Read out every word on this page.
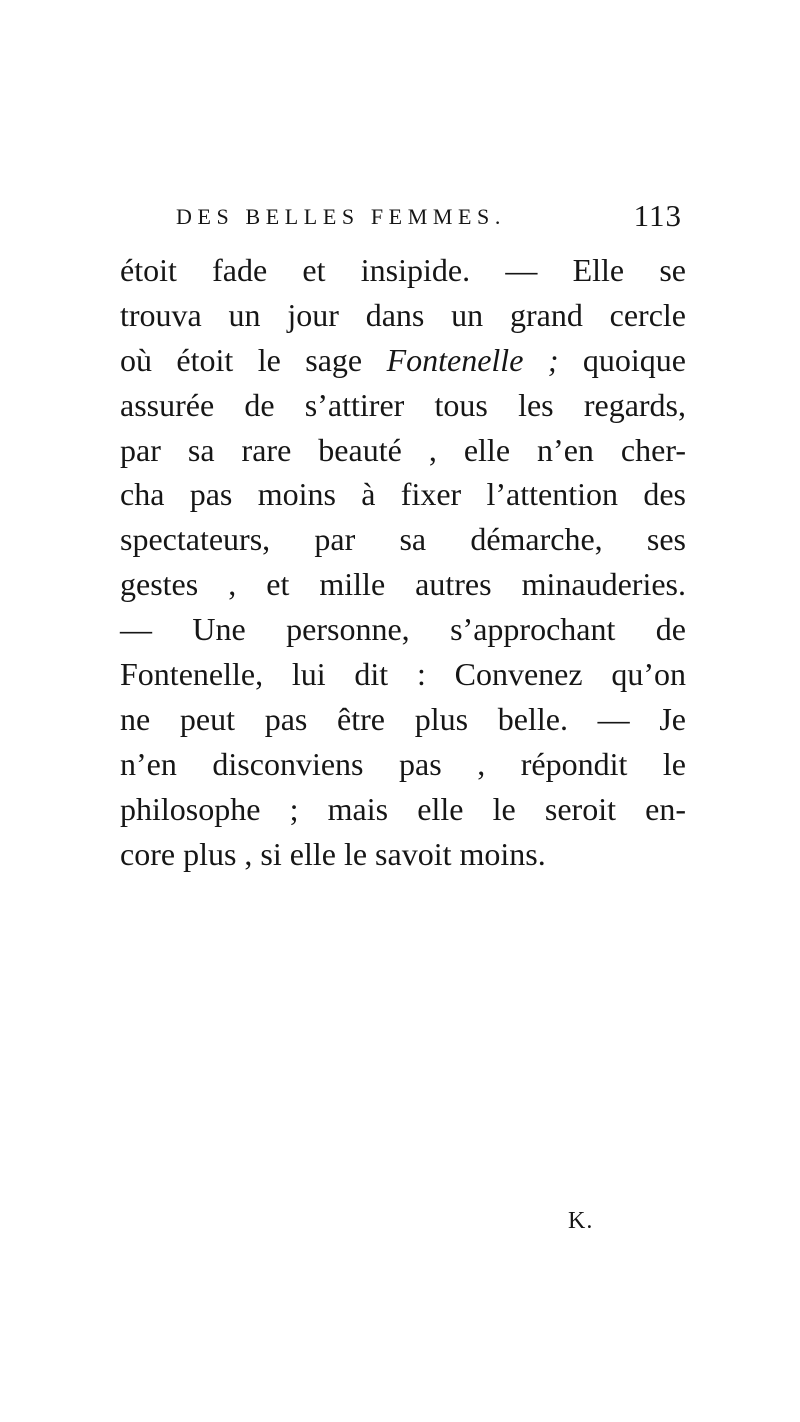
DES BELLES FEMMES.	113
étoit fade et insipide. — Elle se
trouva un jour dans un grand cercle
où étoit le sage Fontenelle ; quoique
assurée de s’attirer tous les regards,
par sa rare beauté , elle n’en cher-
cha pas moins à fixer l’attention des
spectateurs, par sa démarche, ses
gestes , et mille autres minauderies.
— Une personne, s’approchant de
Fontenelle, lui dit : Convenez qu’on
ne peut pas être plus belle. — Je
n’en disconviens pas , répondit le
philosophe ; mais elle le seroit en-
core plus , si elle le savoit moins.
K.
